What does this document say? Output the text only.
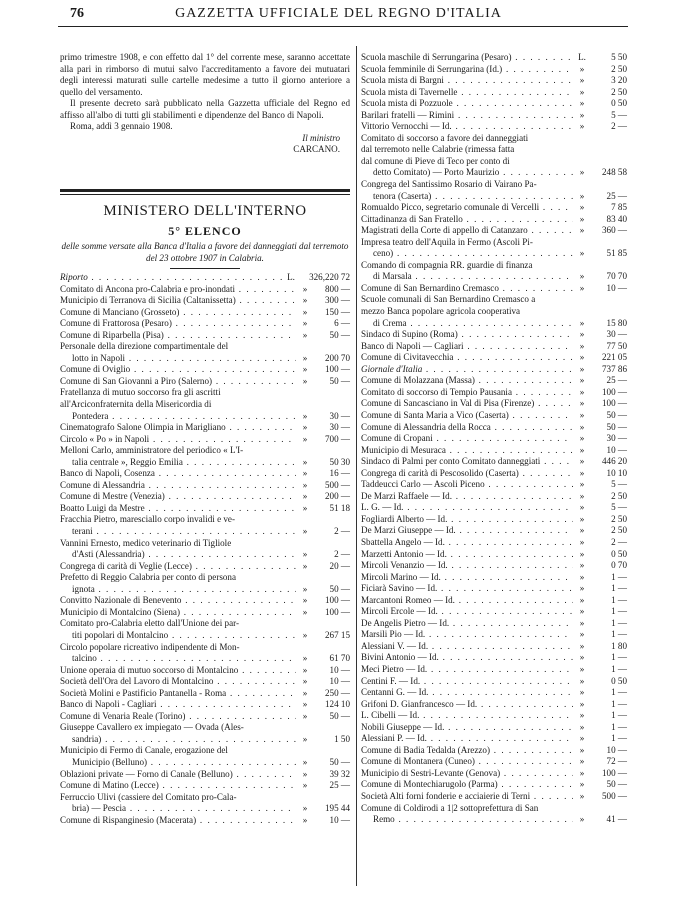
76	GAZZETTA UFFICIALE DEL REGNO D'ITALIA

primo trimestre 1908, e con effetto dal 1° del corrente mese, saranno accettate alla pari in rimborso di mutui salvo l'accreditamento a favore dei mutuatari degli interessi maturati sulle cartelle medesime a tutto il giorno anteriore a quello del versamento.

Il presente decreto sarà pubblicato nella Gazzetta ufficiale del Regno ed affisso all'albo di tutti gli stabilimenti e dipendenze del Banco di Napoli.

Roma, addì 3 gennaio 1908.

Il ministro

CARCANO.

MINISTERO DELL'INTERNO
5° ELENCO
delle somme versate alla Banca d'Italia a favore dei danneggiati dal terremoto del 23 ottobre 1907 in Calabria.
Riporto . . .	L.	326,220 72
Comitato di Ancona pro-Calabria e pro-inondati . . .	»	800 —
Municipio di Terranova di Sicilia (Caltanissetta) . . .	»	300 —
Comune di Manciano (Grosseto) . . .	»	150 —
Comune di Frattorosa (Pesaro) . . .	»	6 —
Comune di Riparbella (Pisa) . . .	»	50 —
Personale della direzione compartimentale del
lotto in Napoli . . .	»	200 70
Comune di Oviglio . . .	»	100 —
Comune di San Giovanni a Piro (Salerno) . . .	»	50 —
Fratellanza di mutuo soccorso fra gli ascritti
all'Arciconfraternita della Misericordia di
Pontedera . . .	»	30 —
Cinematografo Salone Olimpia in Marigliano . . .	»	30 —
Circolo « Po » in Napoli . . .	»	700 —
Melloni Carlo, amministratore del periodico « L'I-
talia centrale », Reggio Emilia . . .	»	50 30
Banco di Napoli, Cosenza . . .	»	16 —
Comune di Alessandria . . .	»	500 —
Comune di Mestre (Venezia) . . .	»	200 —
Boatto Luigi da Mestre . . .	»	51 18
Fracchia Pietro, maresciallo corpo invalidi e ve-
terani . . .	»	2 —
Vannini Ernesto, medico veterinario di Tigliole
d'Asti (Alessandria) . . .	»	2 —
Congrega di carità di Veglie (Lecce) . . .	»	20 —
Prefetto di Reggio Calabria per conto di persona
ignota . . .	»	50 —
Convitto Nazionale di Benevento . . .	»	100 —
Municipio di Montalcino (Siena) . . .	»	100 —
Comitato pro-Calabria eletto dall'Unione dei par-
titi popolari di Montalcino . . .	»	267 15
Circolo popolare ricreativo indipendente di Mon-
talcino . . .	»	61 70
Unione operaia di mutuo soccorso di Montalcino . . .	»	10 —
Società dell'Ora del Lavoro di Montalcino . . .	»	10 —
Società Molini e Pastificio Pantanella - Roma . . .	»	250 —
Banco di Napoli - Cagliari . . .	»	124 10
Comune di Venaria Reale (Torino) . . .	»	50 —
Giuseppe Cavallero ex impiegato — Ovada (Ales-
sandria) . . .	»	1 50
Municipio di Fermo di Canale, erogazione del
Municipio (Belluno) . . .	»	50 —
Oblazioni private — Forno di Canale (Belluno) . . .	»	39 32
Comune di Matino (Lecce) . . .	»	25 —
Ferruccio Ulivi (cassiere del Comitato pro-Cala-
bria) — Pescia . . .	»	195 44
Comune di Rispanginesio (Macerata) . . .	»	10 —
Scuola maschile di Serrungarina (Pesaro) . . .	L.	5 50
Scuola femminile di Serrungarina (Id.) . . .	»	2 50
Scuola mista di Bargni . . .	»	3 20
Scuola mista di Tavernelle . . .	»	2 50
Scuola mista di Pozzuole . . .	»	0 50
Barilari fratelli — Rimini . . .	»	5 —
Vittorio Vernocchi — Id. . . .	»	2 —
Comitato di soccorso a favore dei danneggiati
dal terremoto nelle Calabrie (rimessa fatta
dal comune di Pieve di Teco per conto di
detto Comitato) — Porto Maurizio . . .	»	248 58
Congrega del Santissimo Rosario di Vairano Pa-
tenora (Caserta) . . .	»	25 —
Romualdo Picco, segretario comunale di Vercelli . . .	»	7 85
Cittadinanza di San Fratello . . .	»	83 40
Magistrati della Corte di appello di Catanzaro . . .	»	360 —
Impresa teatro dell'Aquila in Fermo (Ascoli Pi-
ceno) . . .	»	51 85
Comando di compagnia RR. guardie di finanza
di Marsala . . .	»	70 70
Comune di San Bernardino Cremasco . . .	»	10 —
Scuole comunali di San Bernardino Cremasco a
mezzo Banca popolare agricola cooperativa
di Crema . . .	»	15 80
Sindaco di Supino (Roma) . . .	»	30 —
Banco di Napoli — Cagliari . . .	»	77 50
Comune di Civitavecchia . . .	»	221 05
Giornale d'Italia . . .	»	737 86
Comune di Molazzana (Massa) . . .	»	25 —
Comitato di soccorso di Tempio Pausania . . .	»	100 —
Comune di Sancasciano in Val di Pisa (Firenze) . . .	»	100 —
Comune di Santa Maria a Vico (Caserta) . . .	»	50 —
Comune di Alessandria della Rocca . . .	»	50 —
Comune di Cropani . . .	»	30 —
Municipio di Mesuraca . . .	»	10 —
Sindaco di Palmi per conto Comitato danneggiati . . .	»	446 20
Congrega di carità di Pescosolido (Caserta) . . .	»	10 10
Taddeucci Carlo — Ascoli Piceno . . .	»	5 —
De Marzi Raffaele — Id. . . .	»	2 50
L. G. — Id. . . .	»	5 —
Fogliardi Alberto — Id. . . .	»	2 50
De Marzi Giuseppe — Id. . . .	»	2 50
Sbattella Angelo — Id. . . .	»	2 —
Marzetti Antonio — Id. . . .	»	0 50
Mircoli Venanzio — Id. . . .	»	0 70
Mircoli Marino — Id. . . .	»	1 —
Ficiarà Savino — Id. . . .	»	1 —
Marcantoni Romeo — Id. . . .	»	1 —
Mircoli Ercole — Id. . . .	»	1 —
De Angelis Pietro — Id. . . .	»	1 —
Marsili Pio — Id. . . .	»	1 —
Alessiani V. — Id. . . .	»	1 80
Bivini Antonio — Id. . . .	»	1 —
Meci Pietro — Id. . . .	»	1 —
Centini F. — Id. . . .	»	0 50
Centanni G. — Id. . . .	»	1 —
Grifoni D. Gianfrancesco — Id. . . .	»	1 —
L. Cibelli — Id. . . .	»	1 —
Nobili Giuseppe — Id. . . .	»	1 —
Alessiani P. — Id. . . .	»	1 —
Comune di Badia Tedalda (Arezzo) . . .	»	10 —
Comune di Montanera (Cuneo) . . .	»	72 —
Municipio di Sestri-Levante (Genova) . . .	»	100 —
Comune di Montechiarugolo (Parma) . . .	»	50 —
Società Alti forni fonderie e acciaierie di Terni . . .	»	500 —
Comune di Coldirodi a 1|2 sottoprefettura di San
Remo . . .	»	41 —
